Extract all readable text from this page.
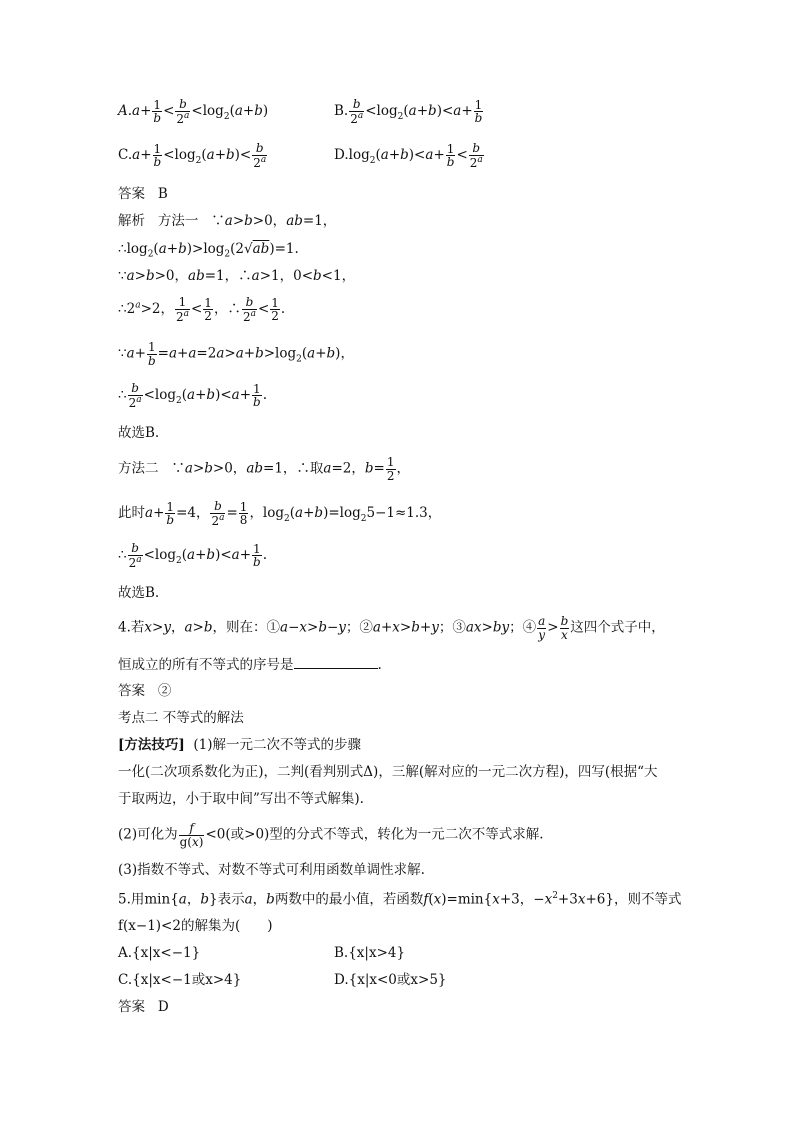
$A.a+ \frac{1}{b} < \frac{b}{2^a} <\log_2(a+b)$	B. $\frac{b}{2^a} <\log_2(a+b)<a+ \frac{1}{b}$
$C.a+ \frac{1}{b} <\log_2(a+b)< \frac{b}{2^a}$	$D.\log_2(a+b)<a+ \frac{1}{b} < \frac{b}{2^a}$
答案 B
解析 方法一   ∵a>b>0，ab=1，
$\therefore\log_2(a+b)>\log_2(2√ab)=1$.
∵a>b>0，ab=1，∴a>1，0<b<1，
$\therefore 2^a>2$， $\frac{1}{2^a} < \frac{1}{2}$ ，∴ $\frac{b}{2^a} < \frac{1}{2}$ .
∵a+ $\frac{1}{b} =a+a=2a>a+b>\log_2(a+b)$，
∴ $\frac{b}{2^a} <\log_2(a+b)<a+ \frac{1}{b}$ .
故选B.
方法二   ∵a>b>0，ab=1，∴取a=2，$b= \frac{1}{2}$ ，
此时$a+ \frac{1}{b} =4$， $\frac{b}{2^a} = \frac{1}{8}$ ，$\log_2(a+b)=\log_25-1\approx 1.3$，
∴ $\frac{b}{2^a} <\log_2(a+b)<a+ \frac{1}{b}$ .
故选B.
4.若x>y，a>b，则在：①a−x>b−y；②a+x>b+y；③ax>by；④ $\frac{a}{y} > \frac{b}{x}$ 这四个式子中，
恒成立的所有不等式的序号是	.
答案 ②
考点二 不等式的解法
[方法技巧] (1)解一元二次不等式的步骤
一化(二次项系数化为正)，二判(看判别式Δ)，三解(解对应的一元二次方程)，四写(根据“大
于取两边，小于取中间”写出不等式解集).
(2)可化为 $\frac{f}{g(x)} <0$(或>0)型的分式不等式，转化为一元二次不等式求解.
(3)指数不等式、对数不等式可利用函数单调性求解.
5.用min{a，b}表示a，b两数中的最小值，若函数f(x)=min{x+3，$-x^2+3x+6$}，则不等式
f(x−1)<2的解集为(　　)
A.{x|x<−1}	B.{x|x>4}
C.{x|x<−1或x>4}	D.{x|x<0或x>5}
答案 D
